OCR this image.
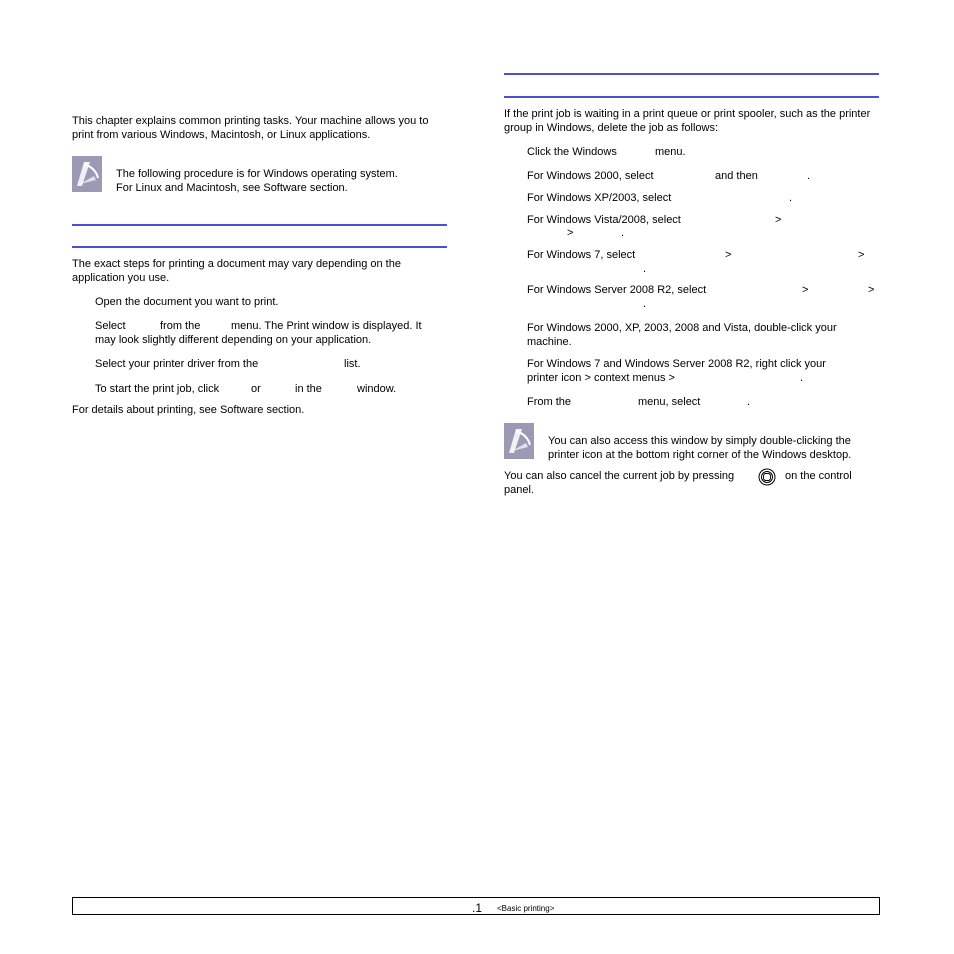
This chapter explains common printing tasks. Your machine allows you to print from various Windows, Macintosh, or Linux applications.
The following procedure is for Windows operating system.
For Linux and Macintosh, see Software section.
The exact steps for printing a document may vary depending on the application you use.
Open the document you want to print.
Select	from the	menu. The Print window is displayed. It
may look slightly different depending on your application.
Select your printer driver from the	list.
To start the print job, click	or	in the	window.
For details about printing, see Software section.
If the print job is waiting in a print queue or print spooler, such as the printer group in Windows, delete the job as follows:
Click the Windows	menu.
For Windows 2000, select	and then	.
For Windows XP/2003, select	.
For Windows Vista/2008, select	>
>	.
For Windows 7, select	>	>
.
For Windows Server 2008 R2, select	>	>
.
For Windows 2000, XP, 2003, 2008 and Vista, double-click your
machine.
For Windows 7 and Windows Server 2008 R2, right click your
printer icon > context menus >	.
From the	menu, select	.
You can also access this window by simply double-clicking the
printer icon at the bottom right corner of the Windows desktop.
You can also cancel the current job by pressing	on the control
panel.
.1 <Basic printing>
